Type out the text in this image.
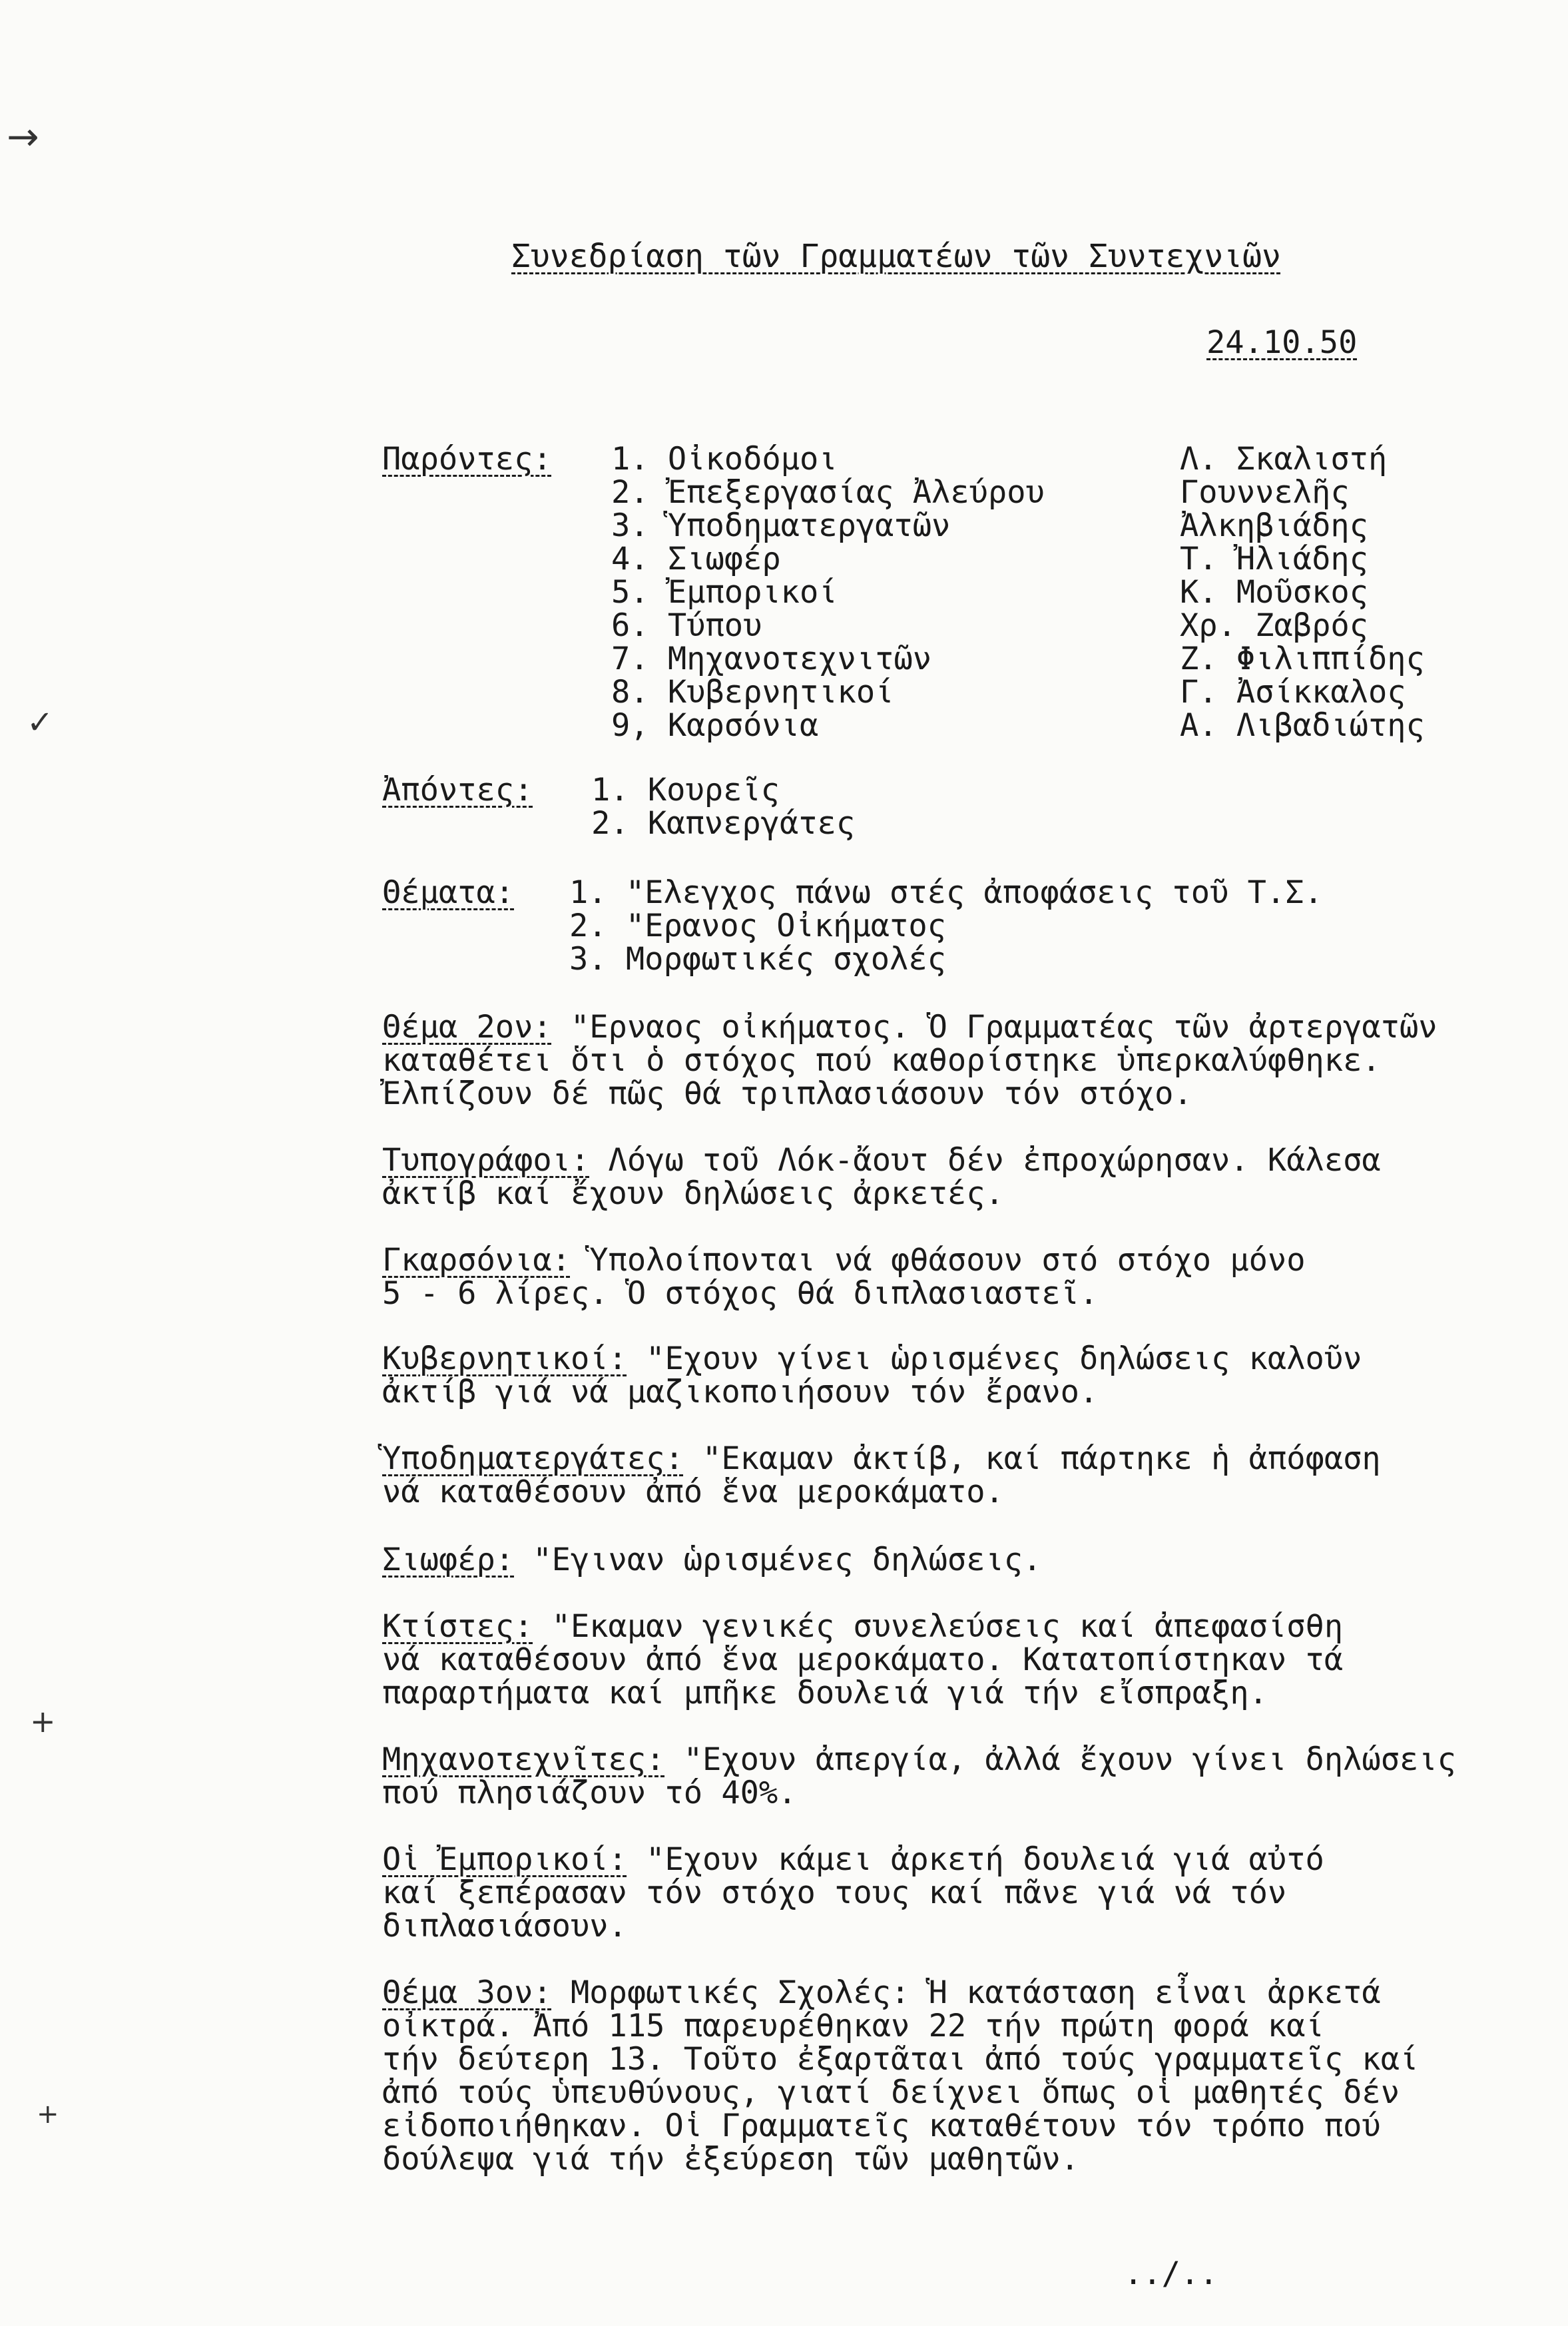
Συνεδρίαση τῶν Γραμματέων τῶν Συντεχνιῶν
24.10.50
Παρόντες: 1. Οἰκοδόμοι
2. Ἐπεξεργασίας Ἀλεύρου
3. Ὑποδηματεργατῶν
4. Σιωφέρ
5. Ἐμπορικοί
6. Τύπου
7. Μηχανοτεχνιτῶν
8. Κυβερνητικοί
9, Καρσόνια
Λ. Σκαλιστή
Γουννελῆς
Ἀλκηβιάδης
Τ. Ἠλιάδης
Κ. Μοῦσκος
Χρ. Ζαβρός
Ζ. Φιλιππίδης
Γ. Ἀσίκκαλος
Α. Λιβαδιώτης
Ἀπόντες: 1. Κουρεῖς
2. Καπνεργάτες
Θέματα: 1. "Ελεγχος πάνω στές ἀποφάσεις τοῦ Τ.Σ.
2. "Ερανος Οἰκήματος
3. Μορφωτικές σχολές
Θέμα 2ον: "Ερναος οἰκήματος. Ὁ Γραμματέας τῶν ἀρτεργατῶν
καταθέτει ὅτι ὁ στόχος πού καθορίστηκε ὑπερκαλύφθηκε.
Ἐλπίζουν δέ πῶς θά τριπλασιάσουν τόν στόχο.
Τυπογράφοι: Λόγω τοῦ Λόκ-ἄουτ δέν ἐπροχώρησαν. Κάλεσα
ἀκτίβ καί ἔχουν δηλώσεις ἀρκετές.
Γκαρσόνια: Ὑπολοίπονται νά φθάσουν στό στόχο μόνο
5 - 6 λίρες. Ὁ στόχος θά διπλασιαστεῖ.
Κυβερνητικοί: "Εχουν γίνει ὡρισμένες δηλώσεις καλοῦν
ἀκτίβ γιά νά μαζικοποιήσουν τόν ἔρανο.
Ὑποδηματεργάτες: "Εκαμαν ἀκτίβ, καί πάρτηκε ἡ ἀπόφαση
νά καταθέσουν ἀπό ἕνα μεροκάματο.
Σιωφέρ: "Εγιναν ὡρισμένες δηλώσεις.
Κτίστες: "Εκαμαν γενικές συνελεύσεις καί ἀπεφασίσθη
νά καταθέσουν ἀπό ἕνα μεροκάματο. Κατατοπίστηκαν τά
παραρτήματα καί μπῆκε δουλειά γιά τήν εἴσπραξη.
Μηχανοτεχνῖτες: "Εχουν ἀπεργία, ἀλλά ἔχουν γίνει δηλώσεις
πού πλησιάζουν τό 40%.
Οἱ Ἐμπορικοί: "Εχουν κάμει ἀρκετή δουλειά γιά αὐτό
καί ξεπέρασαν τόν στόχο τους καί πᾶνε γιά νά τόν
διπλασιάσουν.
Θέμα 3ον: Μορφωτικές Σχολές: Ἡ κατάσταση εἶναι ἀρκετά
οἰκτρά. Ἀπό 115 παρευρέθηκαν 22 τήν πρώτη φορά καί
τήν δεύτερη 13. Τοῦτο ἐξαρτᾶται ἀπό τούς γραμματεῖς καί
ἀπό τούς ὑπευθύνους, γιατί δείχνει ὅπως οἱ μαθητές δέν
εἰδοποιήθηκαν. Οἱ Γραμματεῖς καταθέτουν τόν τρόπο πού
δούλεψα γιά τήν ἐξεύρεση τῶν μαθητῶν.
../..
→
✓
+
+
